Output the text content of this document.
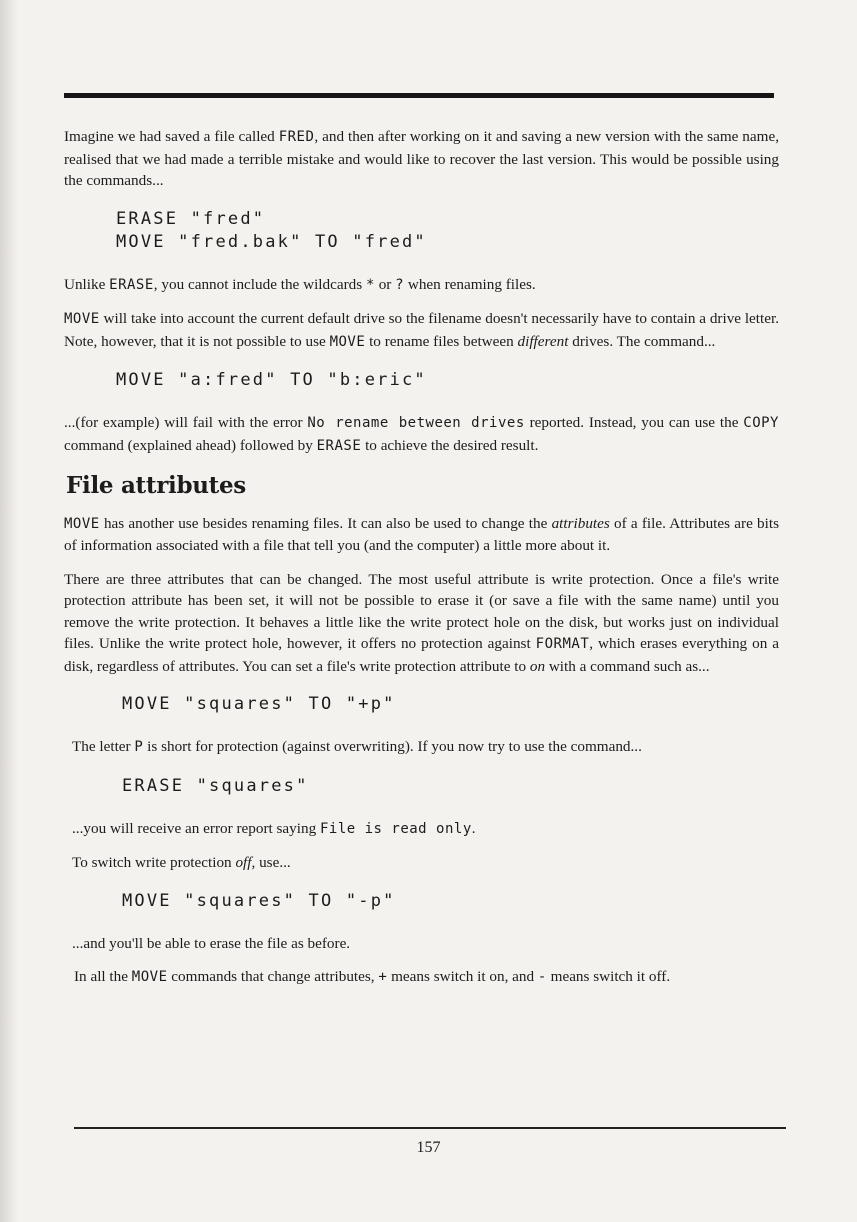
Imagine we had saved a file called FRED, and then after working on it and saving a new version with the same name, realised that we had made a terrible mistake and would like to recover the last version. This would be possible using the commands...

ERASE "fred"
MOVE "fred.bak" TO "fred"

Unlike ERASE, you cannot include the wildcards * or ? when renaming files.

MOVE will take into account the current default drive so the filename doesn't necessarily have to contain a drive letter. Note, however, that it is not possible to use MOVE to rename files between different drives. The command...

MOVE "a:fred" TO "b:eric"

...(for example) will fail with the error No rename between drives reported. Instead, you can use the COPY command (explained ahead) followed by ERASE to achieve the desired result.

File attributes

MOVE has another use besides renaming files. It can also be used to change the attributes of a file. Attributes are bits of information associated with a file that tell you (and the computer) a little more about it.

There are three attributes that can be changed. The most useful attribute is write protection. Once a file's write protection attribute has been set, it will not be possible to erase it (or save a file with the same name) until you remove the write protection. It behaves a little like the write protect hole on the disk, but works just on individual files. Unlike the write protect hole, however, it offers no protection against FORMAT, which erases everything on a disk, regardless of attributes. You can set a file's write protection attribute to on with a command such as...

MOVE "squares" TO "+p"

The letter P is short for protection (against overwriting). If you now try to use the command...

ERASE "squares"

...you will receive an error report saying File is read only.

To switch write protection off, use...

MOVE "squares" TO "-p"

...and you'll be able to erase the file as before.

In all the MOVE commands that change attributes, + means switch it on, and - means switch it off.

157
